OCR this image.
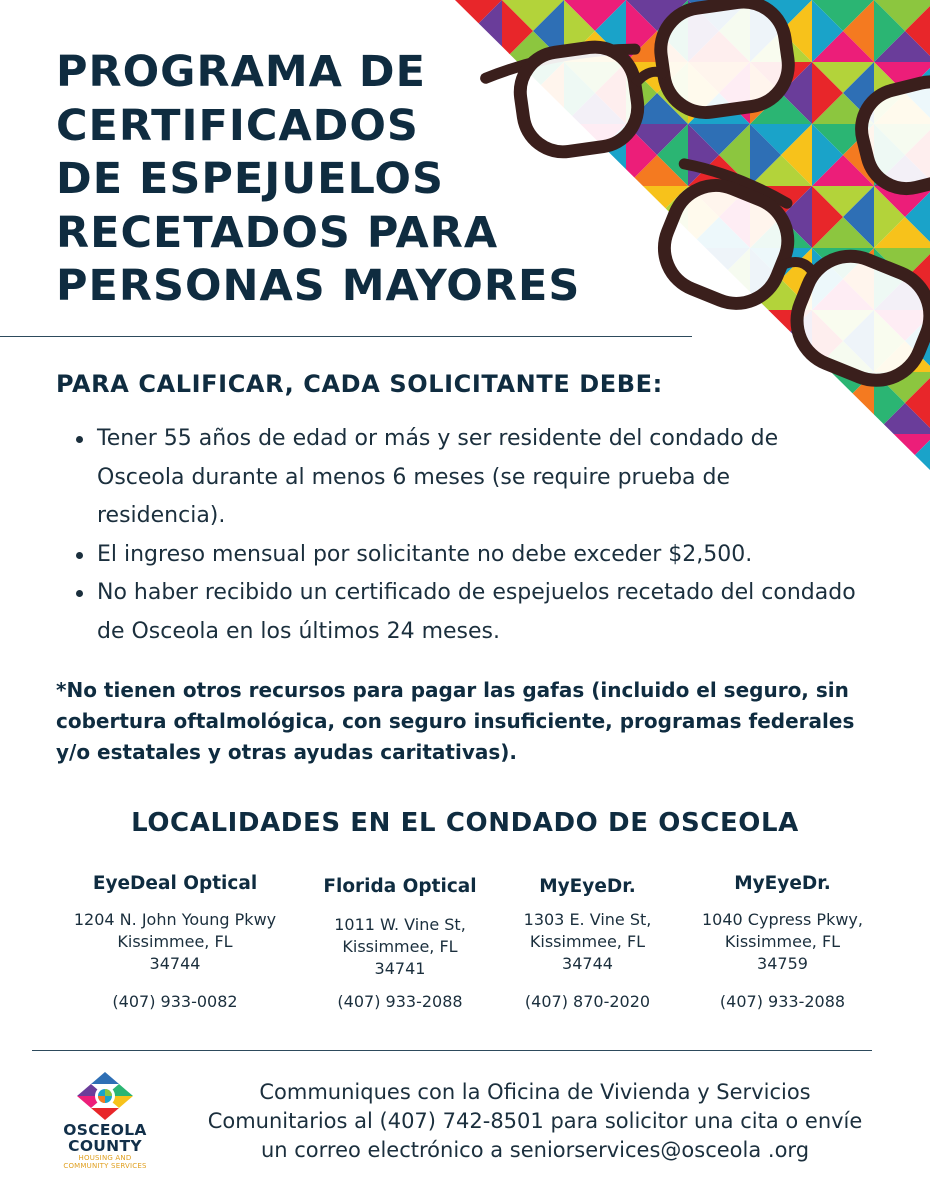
PROGRAMA DE
CERTIFICADOS
DE ESPEJUELOS
RECETADOS PARA
PERSONAS MAYORES
PARA CALIFICAR, CADA SOLICITANTE DEBE:
Tener 55 años de edad or más y ser residente del condado de Osceola durante al menos 6 meses (se require prueba de residencia).
El ingreso mensual por solicitante no debe exceder $2,500.
No haber recibido un certificado de espejuelos recetado del condado de Osceola en los últimos 24 meses.

*No tienen otros recursos para pagar las gafas (incluido el seguro, sin cobertura oftalmológica, con seguro insuficiente, programas federales y/o estatales y otras ayudas caritativas).

LOCALIDADES EN EL CONDADO DE OSCEOLA
EyeDeal Optical
1204 N. John Young Pkwy
Kissimmee, FL
34744
(407) 933-0082
Florida Optical
1011 W. Vine St,
Kissimmee, FL
34741
(407) 933-2088
MyEyeDr.
1303 E. Vine St,
Kissimmee, FL
34744
(407) 870-2020
MyEyeDr.
1040 Cypress Pkwy,
Kissimmee, FL
34759
(407) 933-2088
OSCEOLA
COUNTY
HOUSING AND
COMMUNITY SERVICES

Communiques con la Oficina de Vivienda y Servicios
Comunitarios al (407) 742-8501 para solicitor una cita o envíe
un correo electrónico a seniorservices@osceola .org
